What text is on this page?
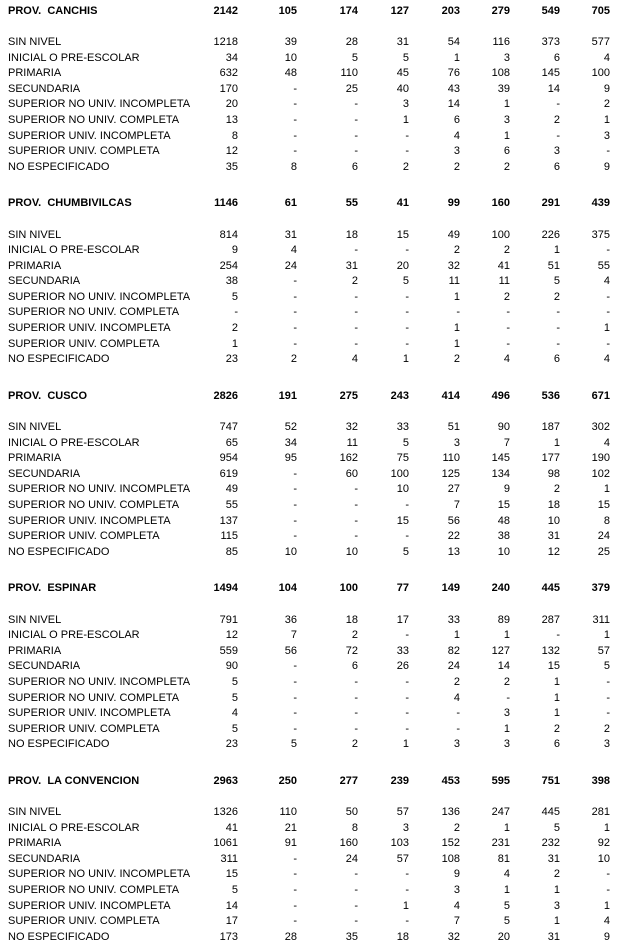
PROV.  CANCHIS	2142	105	174	127	203	279	549	705
SIN NIVEL	1218	39	28	31	54	116	373	577
INICIAL O PRE-ESCOLAR	34	10	5	5	1	3	6	4
PRIMARIA	632	48	110	45	76	108	145	100
SECUNDARIA	170	-	25	40	43	39	14	9
SUPERIOR NO UNIV. INCOMPLETA	20	-	-	3	14	1	-	2
SUPERIOR NO UNIV. COMPLETA	13	-	-	1	6	3	2	1
SUPERIOR UNIV. INCOMPLETA	8	-	-	-	4	1	-	3
SUPERIOR UNIV. COMPLETA	12	-	-	-	3	6	3	-
NO ESPECIFICADO	35	8	6	2	2	2	6	9
PROV.  CHUMBIVILCAS	1146	61	55	41	99	160	291	439
SIN NIVEL	814	31	18	15	49	100	226	375
INICIAL O PRE-ESCOLAR	9	4	-	-	2	2	1	-
PRIMARIA	254	24	31	20	32	41	51	55
SECUNDARIA	38	-	2	5	11	11	5	4
SUPERIOR NO UNIV. INCOMPLETA	5	-	-	-	1	2	2	-
SUPERIOR NO UNIV. COMPLETA	-	-	-	-	-	-	-	-
SUPERIOR UNIV. INCOMPLETA	2	-	-	-	1	-	-	1
SUPERIOR UNIV. COMPLETA	1	-	-	-	1	-	-	-
NO ESPECIFICADO	23	2	4	1	2	4	6	4
PROV.  CUSCO	2826	191	275	243	414	496	536	671
SIN NIVEL	747	52	32	33	51	90	187	302
INICIAL O PRE-ESCOLAR	65	34	11	5	3	7	1	4
PRIMARIA	954	95	162	75	110	145	177	190
SECUNDARIA	619	-	60	100	125	134	98	102
SUPERIOR NO UNIV. INCOMPLETA	49	-	-	10	27	9	2	1
SUPERIOR NO UNIV. COMPLETA	55	-	-	-	7	15	18	15
SUPERIOR UNIV. INCOMPLETA	137	-	-	15	56	48	10	8
SUPERIOR UNIV. COMPLETA	115	-	-	-	22	38	31	24
NO ESPECIFICADO	85	10	10	5	13	10	12	25
PROV.  ESPINAR	1494	104	100	77	149	240	445	379
SIN NIVEL	791	36	18	17	33	89	287	311
INICIAL O PRE-ESCOLAR	12	7	2	-	1	1	-	1
PRIMARIA	559	56	72	33	82	127	132	57
SECUNDARIA	90	-	6	26	24	14	15	5
SUPERIOR NO UNIV. INCOMPLETA	5	-	-	-	2	2	1	-
SUPERIOR NO UNIV. COMPLETA	5	-	-	-	4	-	1	-
SUPERIOR UNIV. INCOMPLETA	4	-	-	-	-	3	1	-
SUPERIOR UNIV. COMPLETA	5	-	-	-	-	1	2	2
NO ESPECIFICADO	23	5	2	1	3	3	6	3
PROV.  LA CONVENCION	2963	250	277	239	453	595	751	398
SIN NIVEL	1326	110	50	57	136	247	445	281
INICIAL O PRE-ESCOLAR	41	21	8	3	2	1	5	1
PRIMARIA	1061	91	160	103	152	231	232	92
SECUNDARIA	311	-	24	57	108	81	31	10
SUPERIOR NO UNIV. INCOMPLETA	15	-	-	-	9	4	2	-
SUPERIOR NO UNIV. COMPLETA	5	-	-	-	3	1	1	-
SUPERIOR UNIV. INCOMPLETA	14	-	-	1	4	5	3	1
SUPERIOR UNIV. COMPLETA	17	-	-	-	7	5	1	4
NO ESPECIFICADO	173	28	35	18	32	20	31	9
